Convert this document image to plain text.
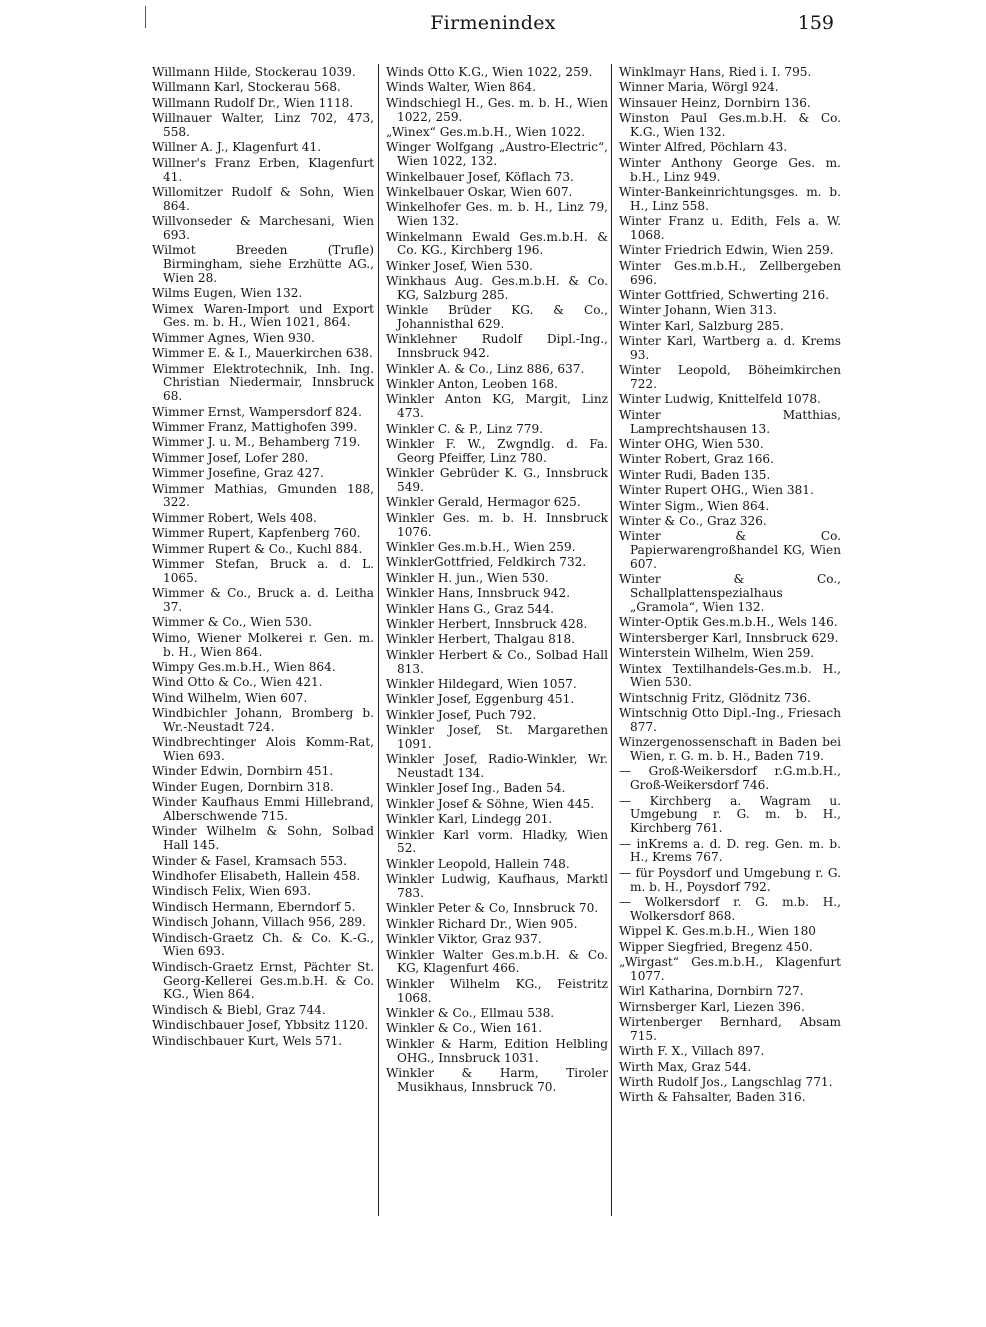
Firmenindex	159
Willmann Hilde, Stockerau 1039.
Willmann Karl, Stockerau 568.
Willmann Rudolf Dr., Wien 1118.
Willnauer Walter, Linz 702, 473, 558.
Willner A. J., Klagenfurt 41.
Willner's Franz Erben, Klagenfurt 41.
Willomitzer Rudolf & Sohn, Wien 864.
Willvonseder & Marchesani, Wien 693.
Wilmot Breeden (Trufle) Birmingham, siehe Erzhütte AG., Wien 28.
Wilms Eugen, Wien 132.
Wimex Waren-Import und Export Ges. m. b. H., Wien 1021, 864.
Wimmer Agnes, Wien 930.
Wimmer E. & I., Mauerkirchen 638.
Wimmer Elektrotechnik, Inh. Ing. Christian Niedermair, Innsbruck 68.
Wimmer Ernst, Wampersdorf 824.
Wimmer Franz, Mattighofen 399.
Wimmer J. u. M., Behamberg 719.
Wimmer Josef, Lofer 280.
Wimmer Josefine, Graz 427.
Wimmer Mathias, Gmunden 188, 322.
Wimmer Robert, Wels 408.
Wimmer Rupert, Kapfenberg 760.
Wimmer Rupert & Co., Kuchl 884.
Wimmer Stefan, Bruck a. d. L. 1065.
Wimmer & Co., Bruck a. d. Leitha 37.
Wimmer & Co., Wien 530.
Wimo, Wiener Molkerei r. Gen. m. b. H., Wien 864.
Wimpy Ges.m.b.H., Wien 864.
Wind Otto & Co., Wien 421.
Wind Wilhelm, Wien 607.
Windbichler Johann, Bromberg b. Wr.-Neustadt 724.
Windbrechtinger Alois Komm-Rat, Wien 693.
Winder Edwin, Dornbirn 451.
Winder Eugen, Dornbirn 318.
Winder Kaufhaus Emmi Hillebrand, Alberschwende 715.
Winder Wilhelm & Sohn, Solbad Hall 145.
Winder & Fasel, Kramsach 553.
Windhofer Elisabeth, Hallein 458.
Windisch Felix, Wien 693.
Windisch Hermann, Eberndorf 5.
Windisch Johann, Villach 956, 289.
Windisch-Graetz Ch. & Co. K.-G., Wien 693.
Windisch-Graetz Ernst, Pächter St. Georg-Kellerei Ges.m.b.H. & Co. KG., Wien 864.
Windisch & Biebl, Graz 744.
Windischbauer Josef, Ybbsitz 1120.
Windischbauer Kurt, Wels 571.
Winds Otto K.G., Wien 1022, 259.
Winds Walter, Wien 864.
Windschiegl H., Ges. m. b. H., Wien 1022, 259.
„Winex“ Ges.m.b.H., Wien 1022.
Winger Wolfgang „Austro-Electric“, Wien 1022, 132.
Winkelbauer Josef, Köflach 73.
Winkelbauer Oskar, Wien 607.
Winkelhofer Ges. m. b. H., Linz 79, Wien 132.
Winkelmann Ewald Ges.m.b.H. & Co. KG., Kirchberg 196.
Winker Josef, Wien 530.
Winkhaus Aug. Ges.m.b.H. & Co. KG, Salzburg 285.
Winkle Brüder KG. & Co., Johannisthal 629.
Winklehner Rudolf Dipl.-Ing., Innsbruck 942.
Winkler A. & Co., Linz 886, 637.
Winkler Anton, Leoben 168.
Winkler Anton KG, Margit, Linz 473.
Winkler C. & P., Linz 779.
Winkler F. W., Zwgndlg. d. Fa. Georg Pfeiffer, Linz 780.
Winkler Gebrüder K. G., Innsbruck 549.
Winkler Gerald, Hermagor 625.
Winkler Ges. m. b. H. Innsbruck 1076.
Winkler Ges.m.b.H., Wien 259.
WinklerGottfried, Feldkirch 732.
Winkler H. jun., Wien 530.
Winkler Hans, Innsbruck 942.
Winkler Hans G., Graz 544.
Winkler Herbert, Innsbruck 428.
Winkler Herbert, Thalgau 818.
Winkler Herbert & Co., Solbad Hall 813.
Winkler Hildegard, Wien 1057.
Winkler Josef, Eggenburg 451.
Winkler Josef, Puch 792.
Winkler Josef, St. Margarethen 1091.
Winkler Josef, Radio-Winkler, Wr. Neustadt 134.
Winkler Josef Ing., Baden 54.
Winkler Josef & Söhne, Wien 445.
Winkler Karl, Lindegg 201.
Winkler Karl vorm. Hladky, Wien 52.
Winkler Leopold, Hallein 748.
Winkler Ludwig, Kaufhaus, Marktl 783.
Winkler Peter & Co, Innsbruck 70.
Winkler Richard Dr., Wien 905.
Winkler Viktor, Graz 937.
Winkler Walter Ges.m.b.H. & Co. KG, Klagenfurt 466.
Winkler Wilhelm KG., Feistritz 1068.
Winkler & Co., Ellmau 538.
Winkler & Co., Wien 161.
Winkler & Harm, Edition Helbling OHG., Innsbruck 1031.
Winkler & Harm, Tiroler Musikhaus, Innsbruck 70.
Winklmayr Hans, Ried i. I. 795.
Winner Maria, Wörgl 924.
Winsauer Heinz, Dornbirn 136.
Winston Paul Ges.m.b.H. & Co. K.G., Wien 132.
Winter Alfred, Pöchlarn 43.
Winter Anthony George Ges. m. b.H., Linz 949.
Winter-Bankeinrichtungsges. m. b. H., Linz 558.
Winter Franz u. Edith, Fels a. W. 1068.
Winter Friedrich Edwin, Wien 259.
Winter Ges.m.b.H., Zellbergeben 696.
Winter Gottfried, Schwerting 216.
Winter Johann, Wien 313.
Winter Karl, Salzburg 285.
Winter Karl, Wartberg a. d. Krems 93.
Winter Leopold, Böheimkirchen 722.
Winter Ludwig, Knittelfeld 1078.
Winter Matthias, Lamprechtshausen 13.
Winter OHG, Wien 530.
Winter Robert, Graz 166.
Winter Rudi, Baden 135.
Winter Rupert OHG., Wien 381.
Winter Sigm., Wien 864.
Winter & Co., Graz 326.
Winter & Co. Papierwarengroßhandel KG, Wien 607.
Winter & Co., Schallplattenspezialhaus „Gramola“, Wien 132.
Winter-Optik Ges.m.b.H., Wels 146.
Wintersberger Karl, Innsbruck 629.
Winterstein Wilhelm, Wien 259.
Wintex Textilhandels-Ges.m.b. H., Wien 530.
Wintschnig Fritz, Glödnitz 736.
Wintschnig Otto Dipl.-Ing., Friesach 877.
Winzergenossenschaft in Baden bei Wien, r. G. m. b. H., Baden 719.
— Groß-Weikersdorf r.G.m.b.H., Groß-Weikersdorf 746.
— Kirchberg a. Wagram u. Umgebung r. G. m. b. H., Kirchberg 761.
— inKrems a. d. D. reg. Gen. m. b. H., Krems 767.
— für Poysdorf und Umgebung r. G. m. b. H., Poysdorf 792.
— Wolkersdorf r. G. m.b. H., Wolkersdorf 868.
Wippel K. Ges.m.b.H., Wien 180
Wipper Siegfried, Bregenz 450.
„Wirgast“ Ges.m.b.H., Klagenfurt 1077.
Wirl Katharina, Dornbirn 727.
Wirnsberger Karl, Liezen 396.
Wirtenberger Bernhard, Absam 715.
Wirth F. X., Villach 897.
Wirth Max, Graz 544.
Wirth Rudolf Jos., Langschlag 771.
Wirth & Fahsalter, Baden 316.
